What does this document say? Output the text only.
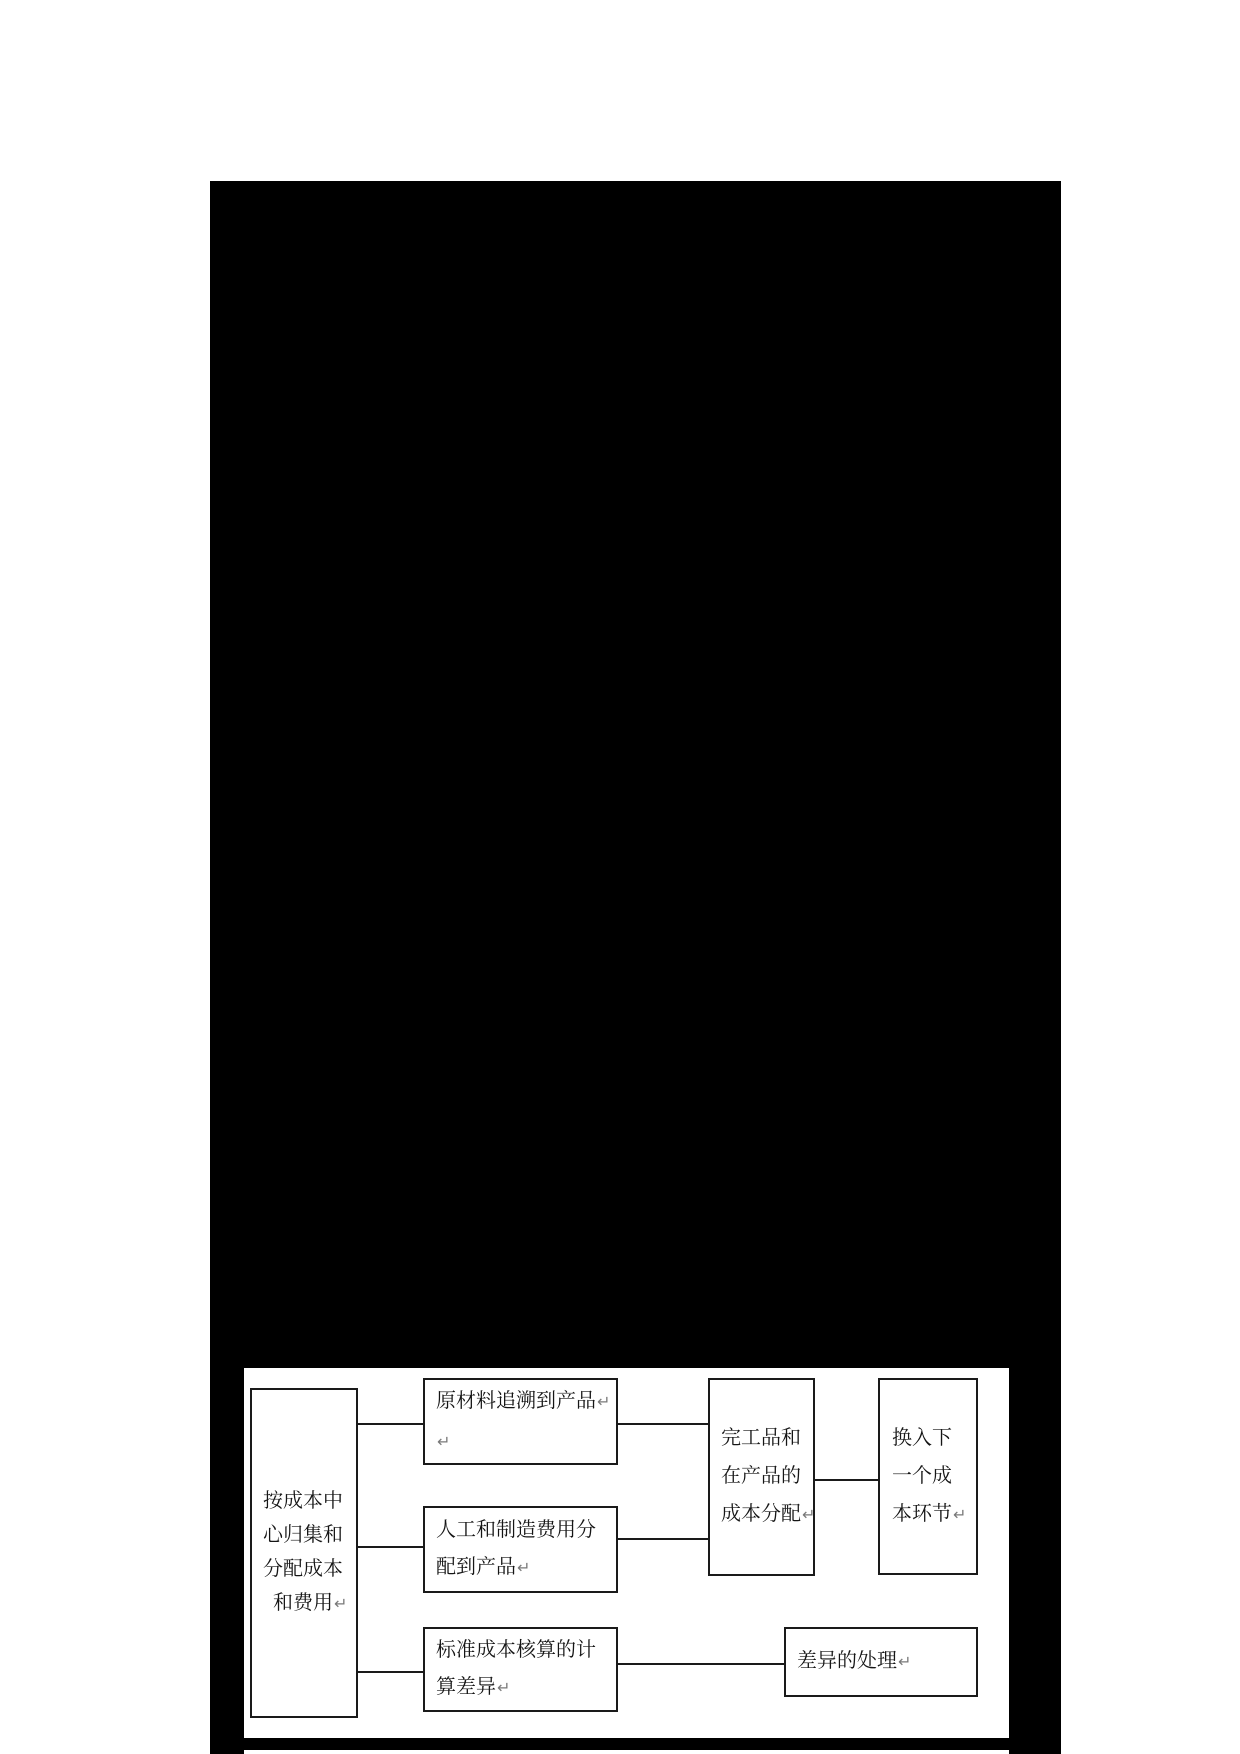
按成本中
心归集和
分配成本
和费用↵
原材料追溯到产品↵
↵
人工和制造费用分
配到产品↵
完工品和
在产品的
成本分配↵
换入下
一个成
本环节↵
标准成本核算的计
算差异↵
差异的处理↵
